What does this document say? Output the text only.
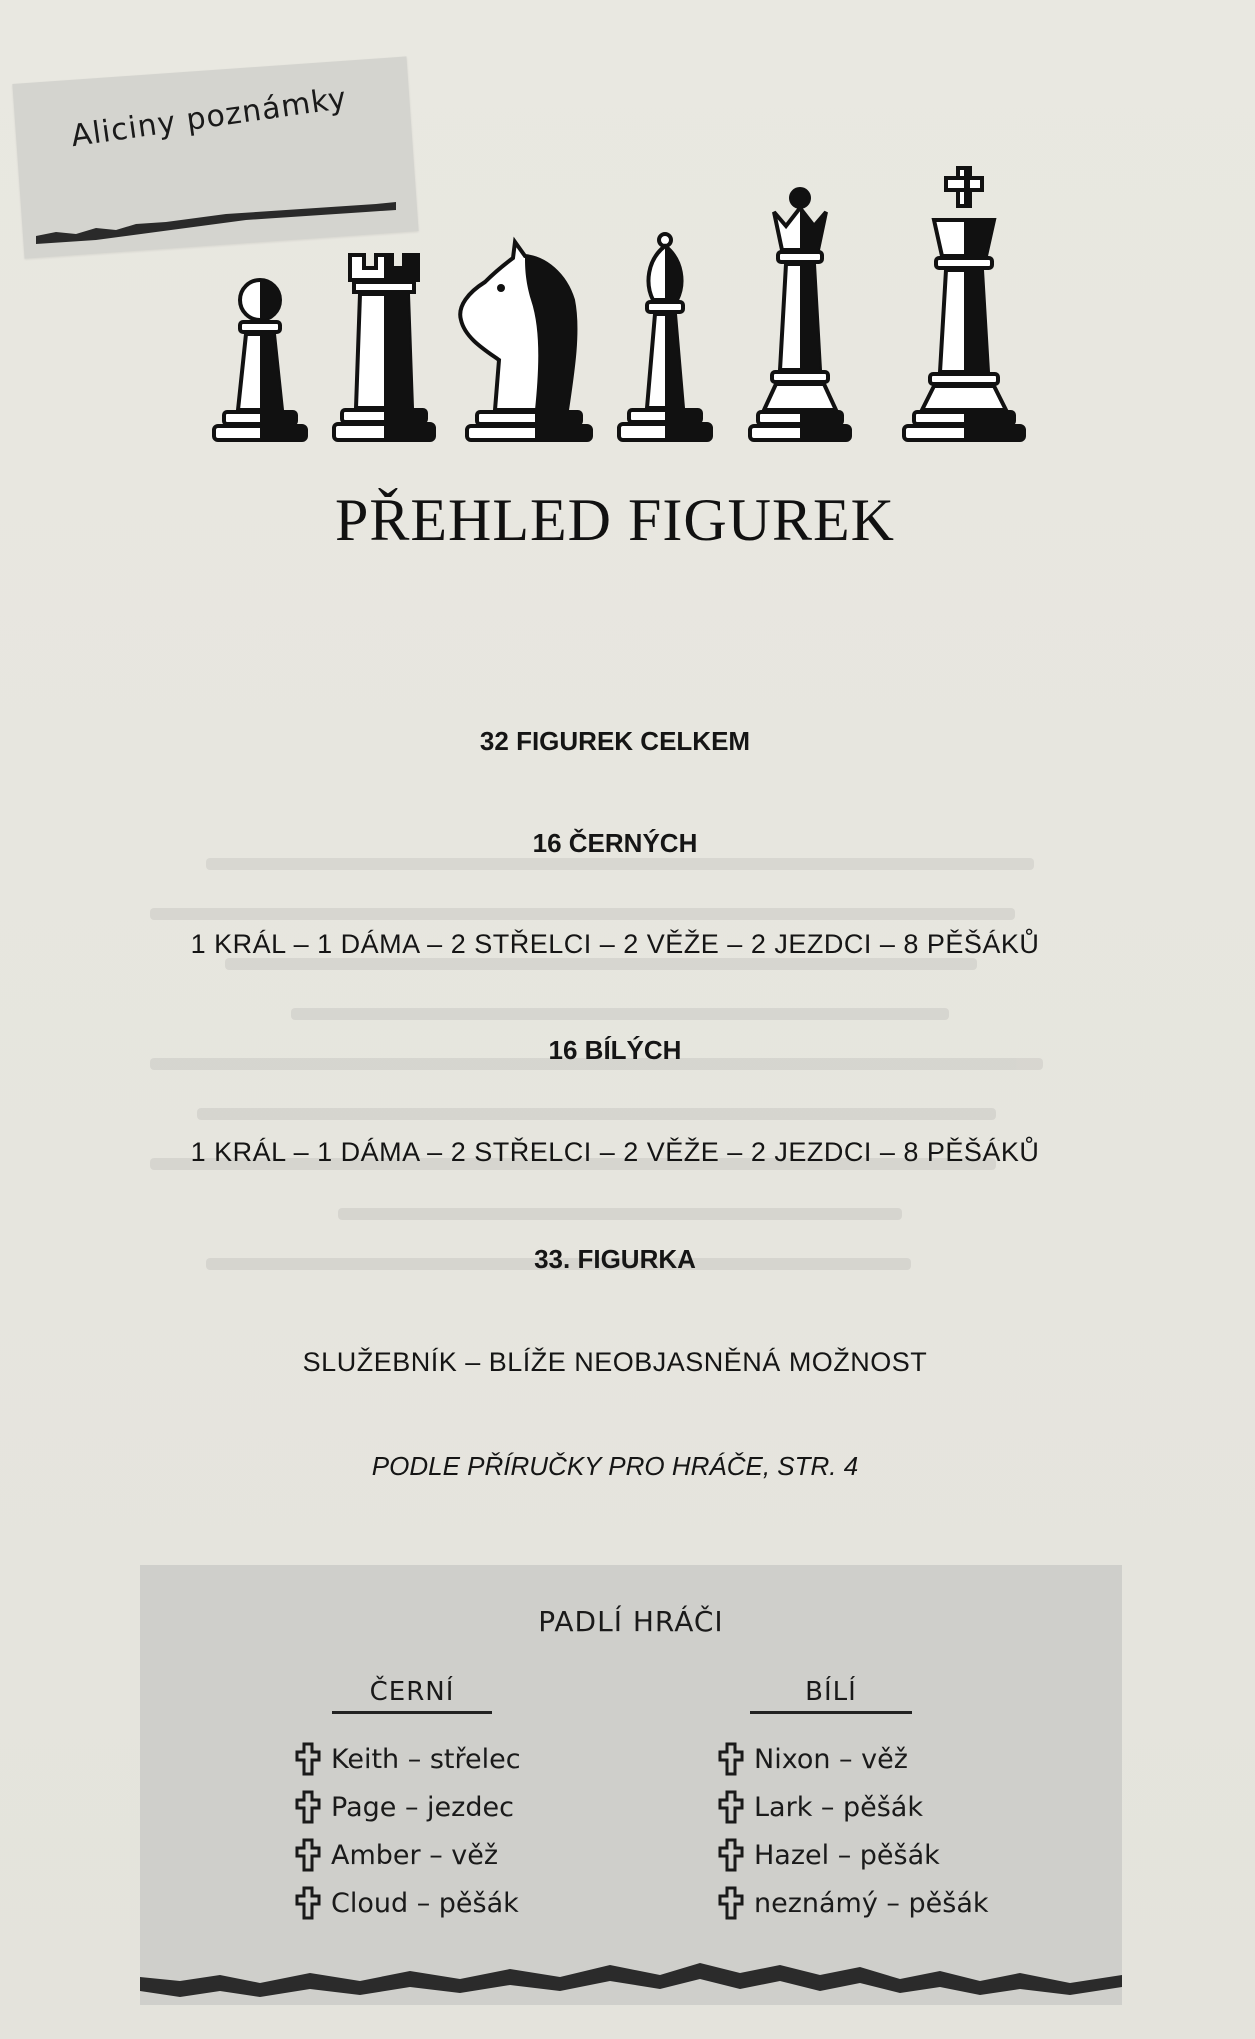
Aliciny poznámky
PŘEHLED FIGUREK
32 FIGUREK CELKEM
16 ČERNÝCH
1 KRÁL – 1 DÁMA – 2 STŘELCI – 2 VĚŽE – 2 JEZDCI – 8 PĚŠÁKŮ
16 BÍLÝCH
1 KRÁL – 1 DÁMA – 2 STŘELCI – 2 VĚŽE – 2 JEZDCI – 8 PĚŠÁKŮ
33. FIGURKA
SLUŽEBNÍK – BLÍŽE NEOBJASNĚNÁ MOŽNOST
PODLE PŘÍRUČKY PRO HRÁČE, STR. 4
PADLÍ HRÁČI
ČERNÍ	BÍLÍ
Keith – střelec
Page – jezdec
Amber – věž
Cloud – pěšák
Nixon – věž
Lark – pěšák
Hazel – pěšák
neznámý – pěšák
